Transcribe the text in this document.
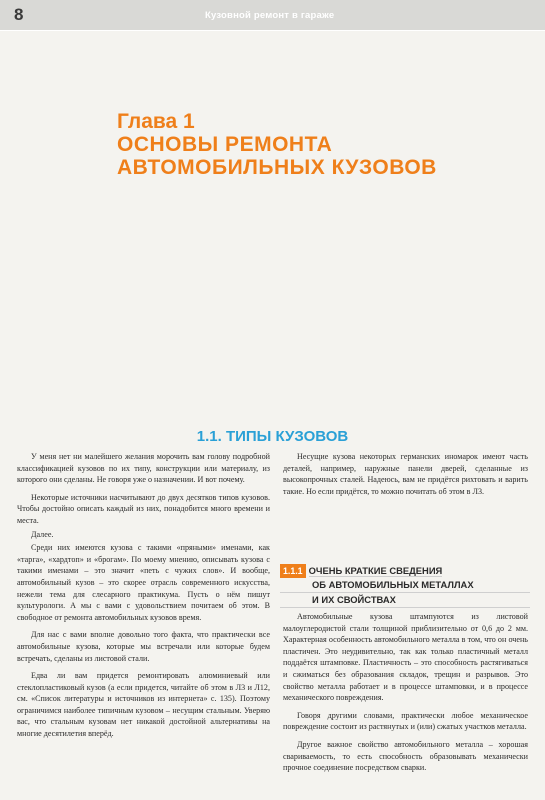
8	Кузовной ремонт в гараже
Глава 1
ОСНОВЫ РЕМОНТА
АВТОМОБИЛЬНЫХ КУЗОВОВ
1.1. ТИПЫ КУЗОВОВ

У меня нет ни малейшего желания морочить вам голову подробной классификацией кузовов по их типу, конструкции или материалу, из которого они сделаны. Не говоря уже о назначении. И вот почему.

Некоторые источники насчитывают до двух десятков типов кузовов. Чтобы достойно описать каждый из них, понадобится много времени и места.

Далее.

Среди них имеются кузова с такими «пряными» именами, как «тарга», «хардтоп» и «брогам». По моему мнению, описывать кузова с такими именами – это значит «петь с чужих слов». И вообще, автомобильный кузов – это скорее отрасль современного искусства, нежели тема для слесарного практикума. Пусть о нём пишут культурологи. А мы с вами с удовольствием почитаем об этом. В свободное от ремонта автомобильных кузовов время.

Для нас с вами вполне довольно того факта, что практически все автомобильные кузова, которые мы встречали или которые будем встречать, сделаны из листовой стали.

Едва ли вам придется ремонтировать алюминиевый или стеклопластиковый кузов (а если придется, читайте об этом в Л3 и Л12, см. «Список литературы и источников из интернета» с. 135). Поэтому ограничимся наиболее типичным кузовом – несущим стальным. Уверяю вас, что стальным кузовам нет никакой достойной альтернативы на многие десятилетия вперёд.

Несущие кузова некоторых германских иномарок имеют часть деталей, например, наружные панели дверей, сделанные из высокопрочных сталей. Надеюсь, вам не придётся рихтовать и варить такие. Но если придётся, то можно почитать об этом в Л3.

1.1.1 ОЧЕНЬ КРАТКИЕ СВЕДЕНИЯ
ОБ АВТОМОБИЛЬНЫХ МЕТАЛЛАХ
И ИХ СВОЙСТВАХ

Автомобильные кузова штампуются из листовой малоуглеродистой стали толщиной приблизительно от 0,6 до 2 мм. Характерная особенность автомобильного металла в том, что он очень пластичен. Это неудивительно, так как только пластичный металл поддаётся штамповке. Пластичность – это способность растягиваться и сжиматься без образования складок, трещин и разрывов. Это свойство металла работает и в процессе штамповки, и в процессе механического повреждения.

Говоря другими словами, практически любое механическое повреждение состоит из растянутых и (или) сжатых участков металла.

Другое важное свойство автомобильного металла – хорошая свариваемость, то есть способность образовывать механически прочное соединение посредством сварки.
